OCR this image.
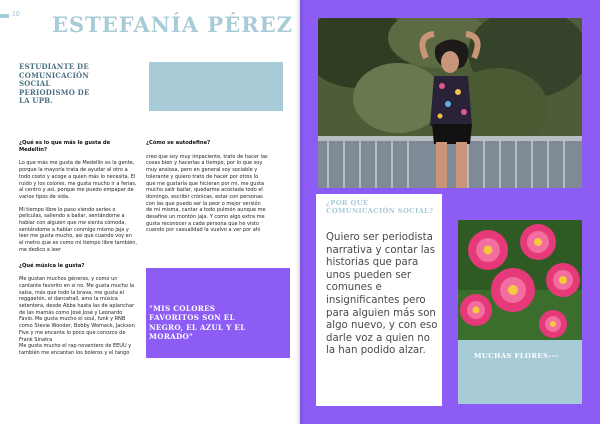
10 ESTEFANÍA PÉREZ
ESTUDIANTE DE COMUNICACIÓN SOCIAL PERIODISMO DE LA UPB.
¿Qué es lo que más le gusta de Medellín?
Lo que más me gusta de Medellín es la gente, porque la mayoría trata de ayudar al otro a todo costo y acoge a quien más lo necesita. El ruido y los colores, me gusta mucho ir a ferias, al centro y así, porque me puedo empapar de varios tipos de vida.
Mi tiempo libre lo paso viendo series o películas, saliendo a bailar, sentándome a hablar con alguien que me sienta cómoda, sentándome a hablar conmigo mismo jaja y leer me gusta mucho, así que cuando voy en el metro que es como mi tiempo libre también, me dedico a leer
¿Qué música le gusta?
Me gustan muchos géneros, y como un cantante favorito en sí no. Me gusta mucho la salsa, más que todo la brava, me gusta el reggaetón, el dancehall, amo la música setentera, desde Abba hasta las de aplanchar de las mamás como José José y Leonardo Favio. Me gusta mucho el soul, funk y RNB como Stevie Wonder, Bobby Womack, Jackson Five y me encanta lo poco que conozco de Frank Sinatra
Me gusta mucho el rap noventero de EEUU y también me encantan los boleros y el tango
¿Cómo se autodefine?
creo que soy muy impaciente, trato de hacer las cosas bien y hacerlas a tiempo, por lo que soy muy ansiosa, pero en general soy sociable y tolerante y quiero trato de hacer por otros lo que me gustaría que hicieran por mi, me gusta mucho salir bailar, quedarme acostada todo el domingo, escribir crónicas, estar con personas con las que puedo ser la peor o mejor versión de mi misma, cantar a todo pulmón aunque me desafine un montón jaja. Y como algo extra me gusta reconocer a cada persona que he visto cuando por casualidad la vuelvo a ver por ahí
"MIS COLORES FAVORITOS SON EL NEGRO, EL AZUL Y EL MORADO"
¿POR QUÉ COMUNICACIÓN SOCIAL?
Quiero ser periodista narrativa y contar las historias que para unos pueden ser comunes e insignificantes pero para alguien más son algo nuevo, y con eso darle voz a quien no la han podido alzar.	MUCHAS FLORES---
